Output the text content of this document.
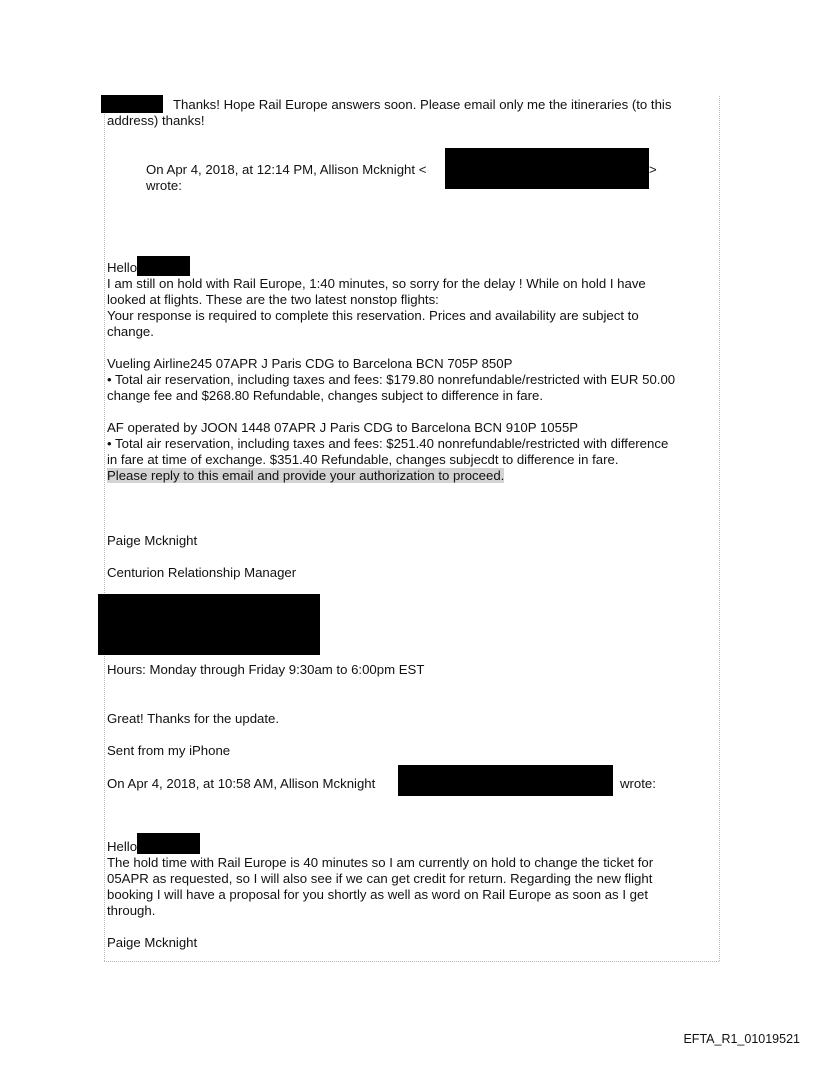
Thanks! Hope Rail Europe answers soon. Please email only me the itineraries (to this
address) thanks!
On Apr 4, 2018, at 12:14 PM, Allison Mcknight <	>
wrote:
Hello
I am still on hold with Rail Europe, 1:40 minutes, so sorry for the delay ! While on hold I have
looked at flights. These are the two latest nonstop flights:
Your response is required to complete this reservation. Prices and availability are subject to
change.
Vueling Airline245 07APR J Paris CDG to Barcelona BCN 705P 850P
• Total air reservation, including taxes and fees: $179.80 nonrefundable/restricted with EUR 50.00
change fee and $268.80 Refundable, changes subject to difference in fare.
AF operated by JOON 1448 07APR J Paris CDG to Barcelona BCN 910P 1055P
• Total air reservation, including taxes and fees: $251.40 nonrefundable/restricted with difference
in fare at time of exchange. $351.40 Refundable, changes subjecdt to difference in fare.
Please reply to this email and provide your authorization to proceed.
Paige Mcknight
Centurion Relationship Manager
Hours: Monday through Friday 9:30am to 6:00pm EST
Great! Thanks for the update.
Sent from my iPhone
On Apr 4, 2018, at 10:58 AM, Allison Mcknight	wrote:
Hello
The hold time with Rail Europe is 40 minutes so I am currently on hold to change the ticket for
05APR as requested, so I will also see if we can get credit for return. Regarding the new flight
booking I will have a proposal for you shortly as well as word on Rail Europe as soon as I get
through.
Paige Mcknight
EFTA_R1_01019521
